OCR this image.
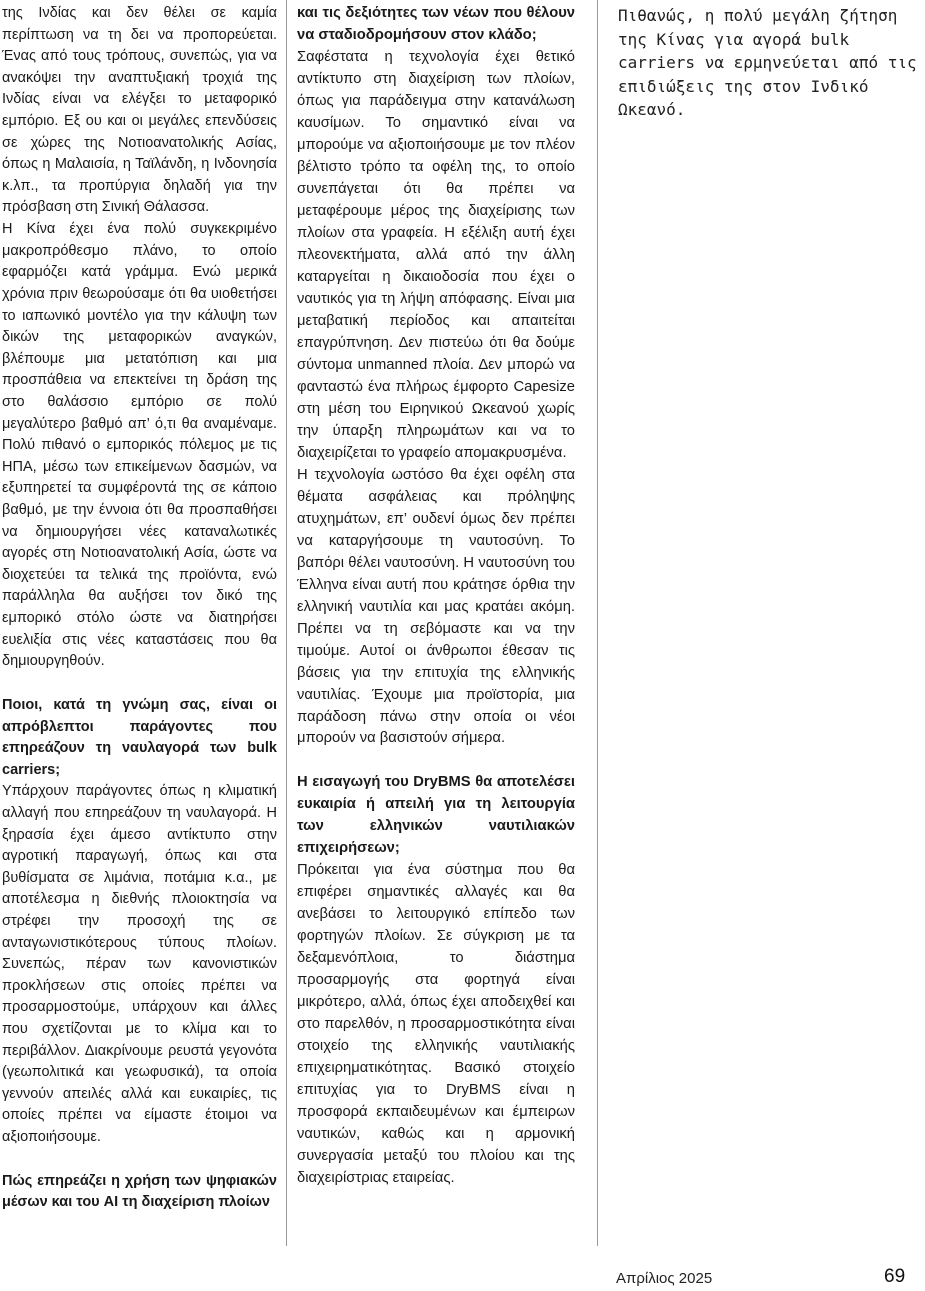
της Ινδίας και δεν θέλει σε καμία περίπτωση να τη δει να προπορεύεται. Ένας από τους τρόπους, συνεπώς, για να ανακόψει την αναπτυξιακή τροχιά της Ινδίας είναι να ελέγξει το μεταφορικό εμπόριο. Εξ ου και οι μεγάλες επενδύσεις σε χώρες της Νοτιοανατολικής Ασίας, όπως η Μαλαισία, η Ταϊλάνδη, η Ινδονησία κ.λπ., τα προπύργια δηλαδή για την πρόσβαση στη Σινική Θάλασσα.

Η Κίνα έχει ένα πολύ συγκεκριμένο μακροπρόθεσμο πλάνο, το οποίο εφαρμόζει κατά γράμμα. Ενώ μερικά χρόνια πριν θεωρούσαμε ότι θα υιοθετήσει το ιαπωνικό μοντέλο για την κάλυψη των δικών της μεταφορικών αναγκών, βλέπουμε μια μετατόπιση και μια προσπάθεια να επεκτείνει τη δράση της στο θαλάσσιο εμπόριο σε πολύ μεγαλύτερο βαθμό απ’ ό,τι θα αναμέναμε. Πολύ πιθανό ο εμπορικός πόλεμος με τις ΗΠΑ, μέσω των επικείμενων δασμών, να εξυπηρετεί τα συμφέροντά της σε κάποιο βαθμό, με την έννοια ότι θα προσπαθήσει να δημιουργήσει νέες καταναλωτικές αγορές στη Νοτιοανατολική Ασία, ώστε να διοχετεύει τα τελικά της προϊόντα, ενώ παράλληλα θα αυξήσει τον δικό της εμπορικό στόλο ώστε να διατηρήσει ευελιξία στις νέες καταστάσεις που θα δημιουργηθούν.

Ποιοι, κατά τη γνώμη σας, είναι οι απρόβλεπτοι παράγοντες που επηρεάζουν τη ναυλαγορά των bulk carriers;

Υπάρχουν παράγοντες όπως η κλιματική αλλαγή που επηρεάζουν τη ναυλαγορά. Η ξηρασία έχει άμεσο αντίκτυπο στην αγροτική παραγωγή, όπως και στα βυθίσματα σε λιμάνια, ποτάμια κ.α., με αποτέλεσμα η διεθνής πλοιοκτησία να στρέφει την προσοχή της σε ανταγωνιστικότερους τύπους πλοίων. Συνεπώς, πέραν των κανονιστικών προκλήσεων στις οποίες πρέπει να προσαρμοστούμε, υπάρχουν και άλλες που σχετίζονται με το κλίμα και το περιβάλλον. Διακρίνουμε ρευστά γεγονότα (γεωπολιτικά και γεωφυσικά), τα οποία γεννούν απειλές αλλά και ευκαιρίες, τις οποίες πρέπει να είμαστε έτοιμοι να αξιοποιήσουμε.

Πώς επηρεάζει η χρήση των ψηφιακών μέσων και του AI τη διαχείριση πλοίων

και τις δεξιότητες των νέων που θέλουν να σταδιοδρομήσουν στον κλάδο;

Σαφέστατα η τεχνολογία έχει θετικό αντίκτυπο στη διαχείριση των πλοίων, όπως για παράδειγμα στην κατανάλωση καυσίμων. Το σημαντικό είναι να μπορούμε να αξιοποιήσουμε με τον πλέον βέλτιστο τρόπο τα οφέλη της, το οποίο συνεπάγεται ότι θα πρέπει να μεταφέρουμε μέρος της διαχείρισης των πλοίων στα γραφεία. Η εξέλιξη αυτή έχει πλεονεκτήματα, αλλά από την άλλη καταργείται η δικαιοδοσία που έχει ο ναυτικός για τη λήψη απόφασης. Είναι μια μεταβατική περίοδος και απαιτείται επαγρύπνηση. Δεν πιστεύω ότι θα δούμε σύντομα unmanned πλοία. Δεν μπορώ να φανταστώ ένα πλήρως έμφορτο Capesize στη μέση του Ειρηνικού Ωκεανού χωρίς την ύπαρξη πληρωμάτων και να το διαχειρίζεται το γραφείο απομακρυσμένα.

Η τεχνολογία ωστόσο θα έχει οφέλη στα θέματα ασφάλειας και πρόληψης ατυχημάτων, επ’ ουδενί όμως δεν πρέπει να καταργήσουμε τη ναυτοσύνη. Το βαπόρι θέλει ναυτοσύνη. Η ναυτοσύνη του Έλληνα είναι αυτή που κράτησε όρθια την ελληνική ναυτιλία και μας κρατάει ακόμη. Πρέπει να τη σεβόμαστε και να την τιμούμε. Αυτοί οι άνθρωποι έθεσαν τις βάσεις για την επιτυχία της ελληνικής ναυτιλίας. Έχουμε μια προϊστορία, μια παράδοση πάνω στην οποία οι νέοι μπορούν να βασιστούν σήμερα.

Η εισαγωγή του DryBMS θα αποτελέσει ευκαιρία ή απειλή για τη λειτουργία των ελληνικών ναυτιλιακών επιχειρήσεων;

Πρόκειται για ένα σύστημα που θα επιφέρει σημαντικές αλλαγές και θα ανεβάσει το λειτουργικό επίπεδο των φορτηγών πλοίων. Σε σύγκριση με τα δεξαμενόπλοια, το διάστημα προσαρμογής στα φορτηγά είναι μικρότερο, αλλά, όπως έχει αποδειχθεί και στο παρελθόν, η προσαρμοστικότητα είναι στοιχείο της ελληνικής ναυτιλιακής επιχειρηματικότητας. Βασικό στοιχείο επιτυχίας για το DryBMS είναι η προσφορά εκπαιδευμένων και έμπειρων ναυτικών, καθώς και η αρμονική συνεργασία μεταξύ του πλοίου και της διαχειρίστριας εταιρείας.

Πιθανώς, η πολύ μεγάλη ζήτηση της Κίνας για αγορά bulk carriers να ερμηνεύεται από τις επιδιώξεις της στον Ινδικό Ωκεανό.

Απρίλιος 2025	69
